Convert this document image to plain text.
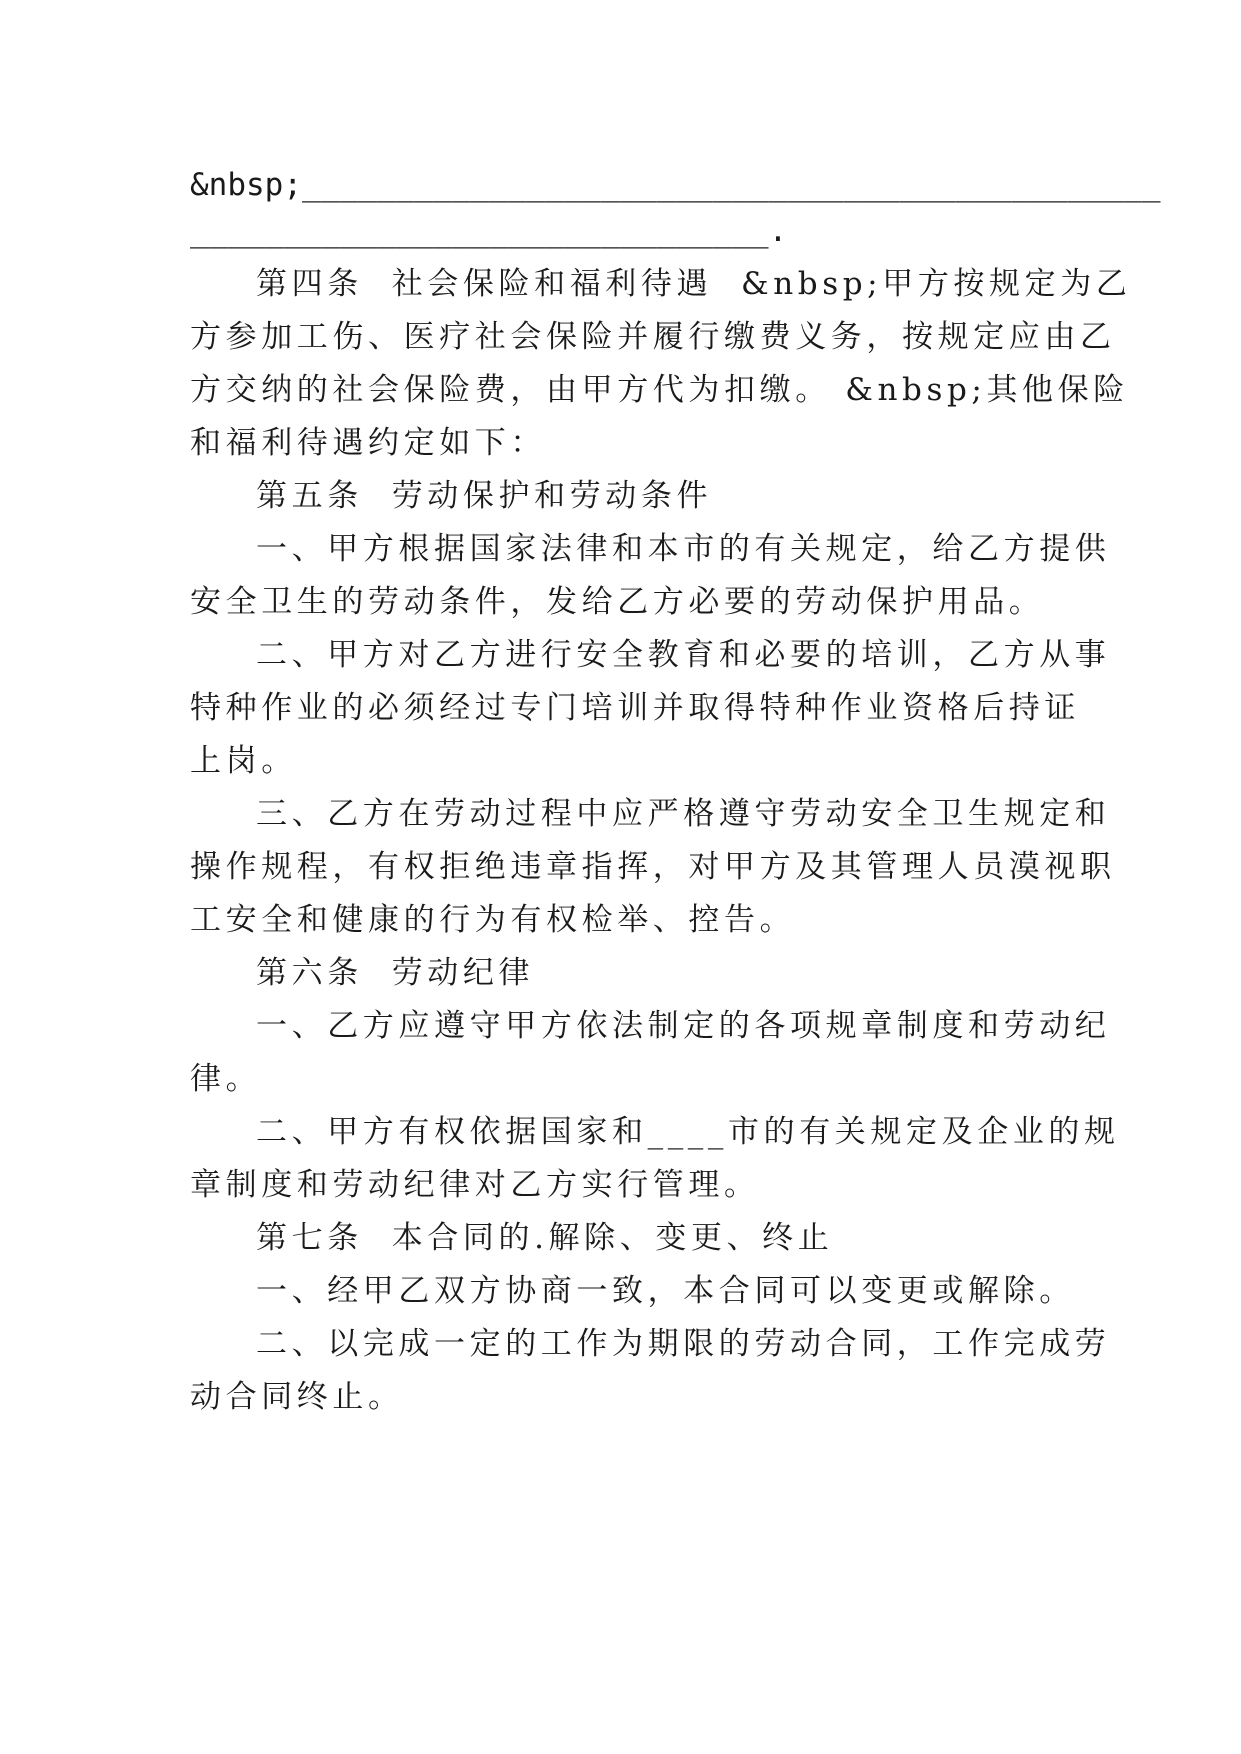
&nbsp;______________________________________________
_______________________________.
第四条  社会保险和福利待遇  &nbsp;甲方按规定为乙
方参加工伤、医疗社会保险并履行缴费义务，按规定应由乙
方交纳的社会保险费，由甲方代为扣缴。 &nbsp;其他保险
和福利待遇约定如下：
第五条  劳动保护和劳动条件
一、甲方根据国家法律和本市的有关规定，给乙方提供
安全卫生的劳动条件，发给乙方必要的劳动保护用品。
二、甲方对乙方进行安全教育和必要的培训，乙方从事
特种作业的必须经过专门培训并取得特种作业资格后持证
上岗。
三、乙方在劳动过程中应严格遵守劳动安全卫生规定和
操作规程，有权拒绝违章指挥，对甲方及其管理人员漠视职
工安全和健康的行为有权检举、控告。
第六条  劳动纪律
一、乙方应遵守甲方依法制定的各项规章制度和劳动纪
律。
二、甲方有权依据国家和____市的有关规定及企业的规
章制度和劳动纪律对乙方实行管理。
第七条  本合同的.解除、变更、终止
一、经甲乙双方协商一致，本合同可以变更或解除。
二、以完成一定的工作为期限的劳动合同，工作完成劳
动合同终止。
